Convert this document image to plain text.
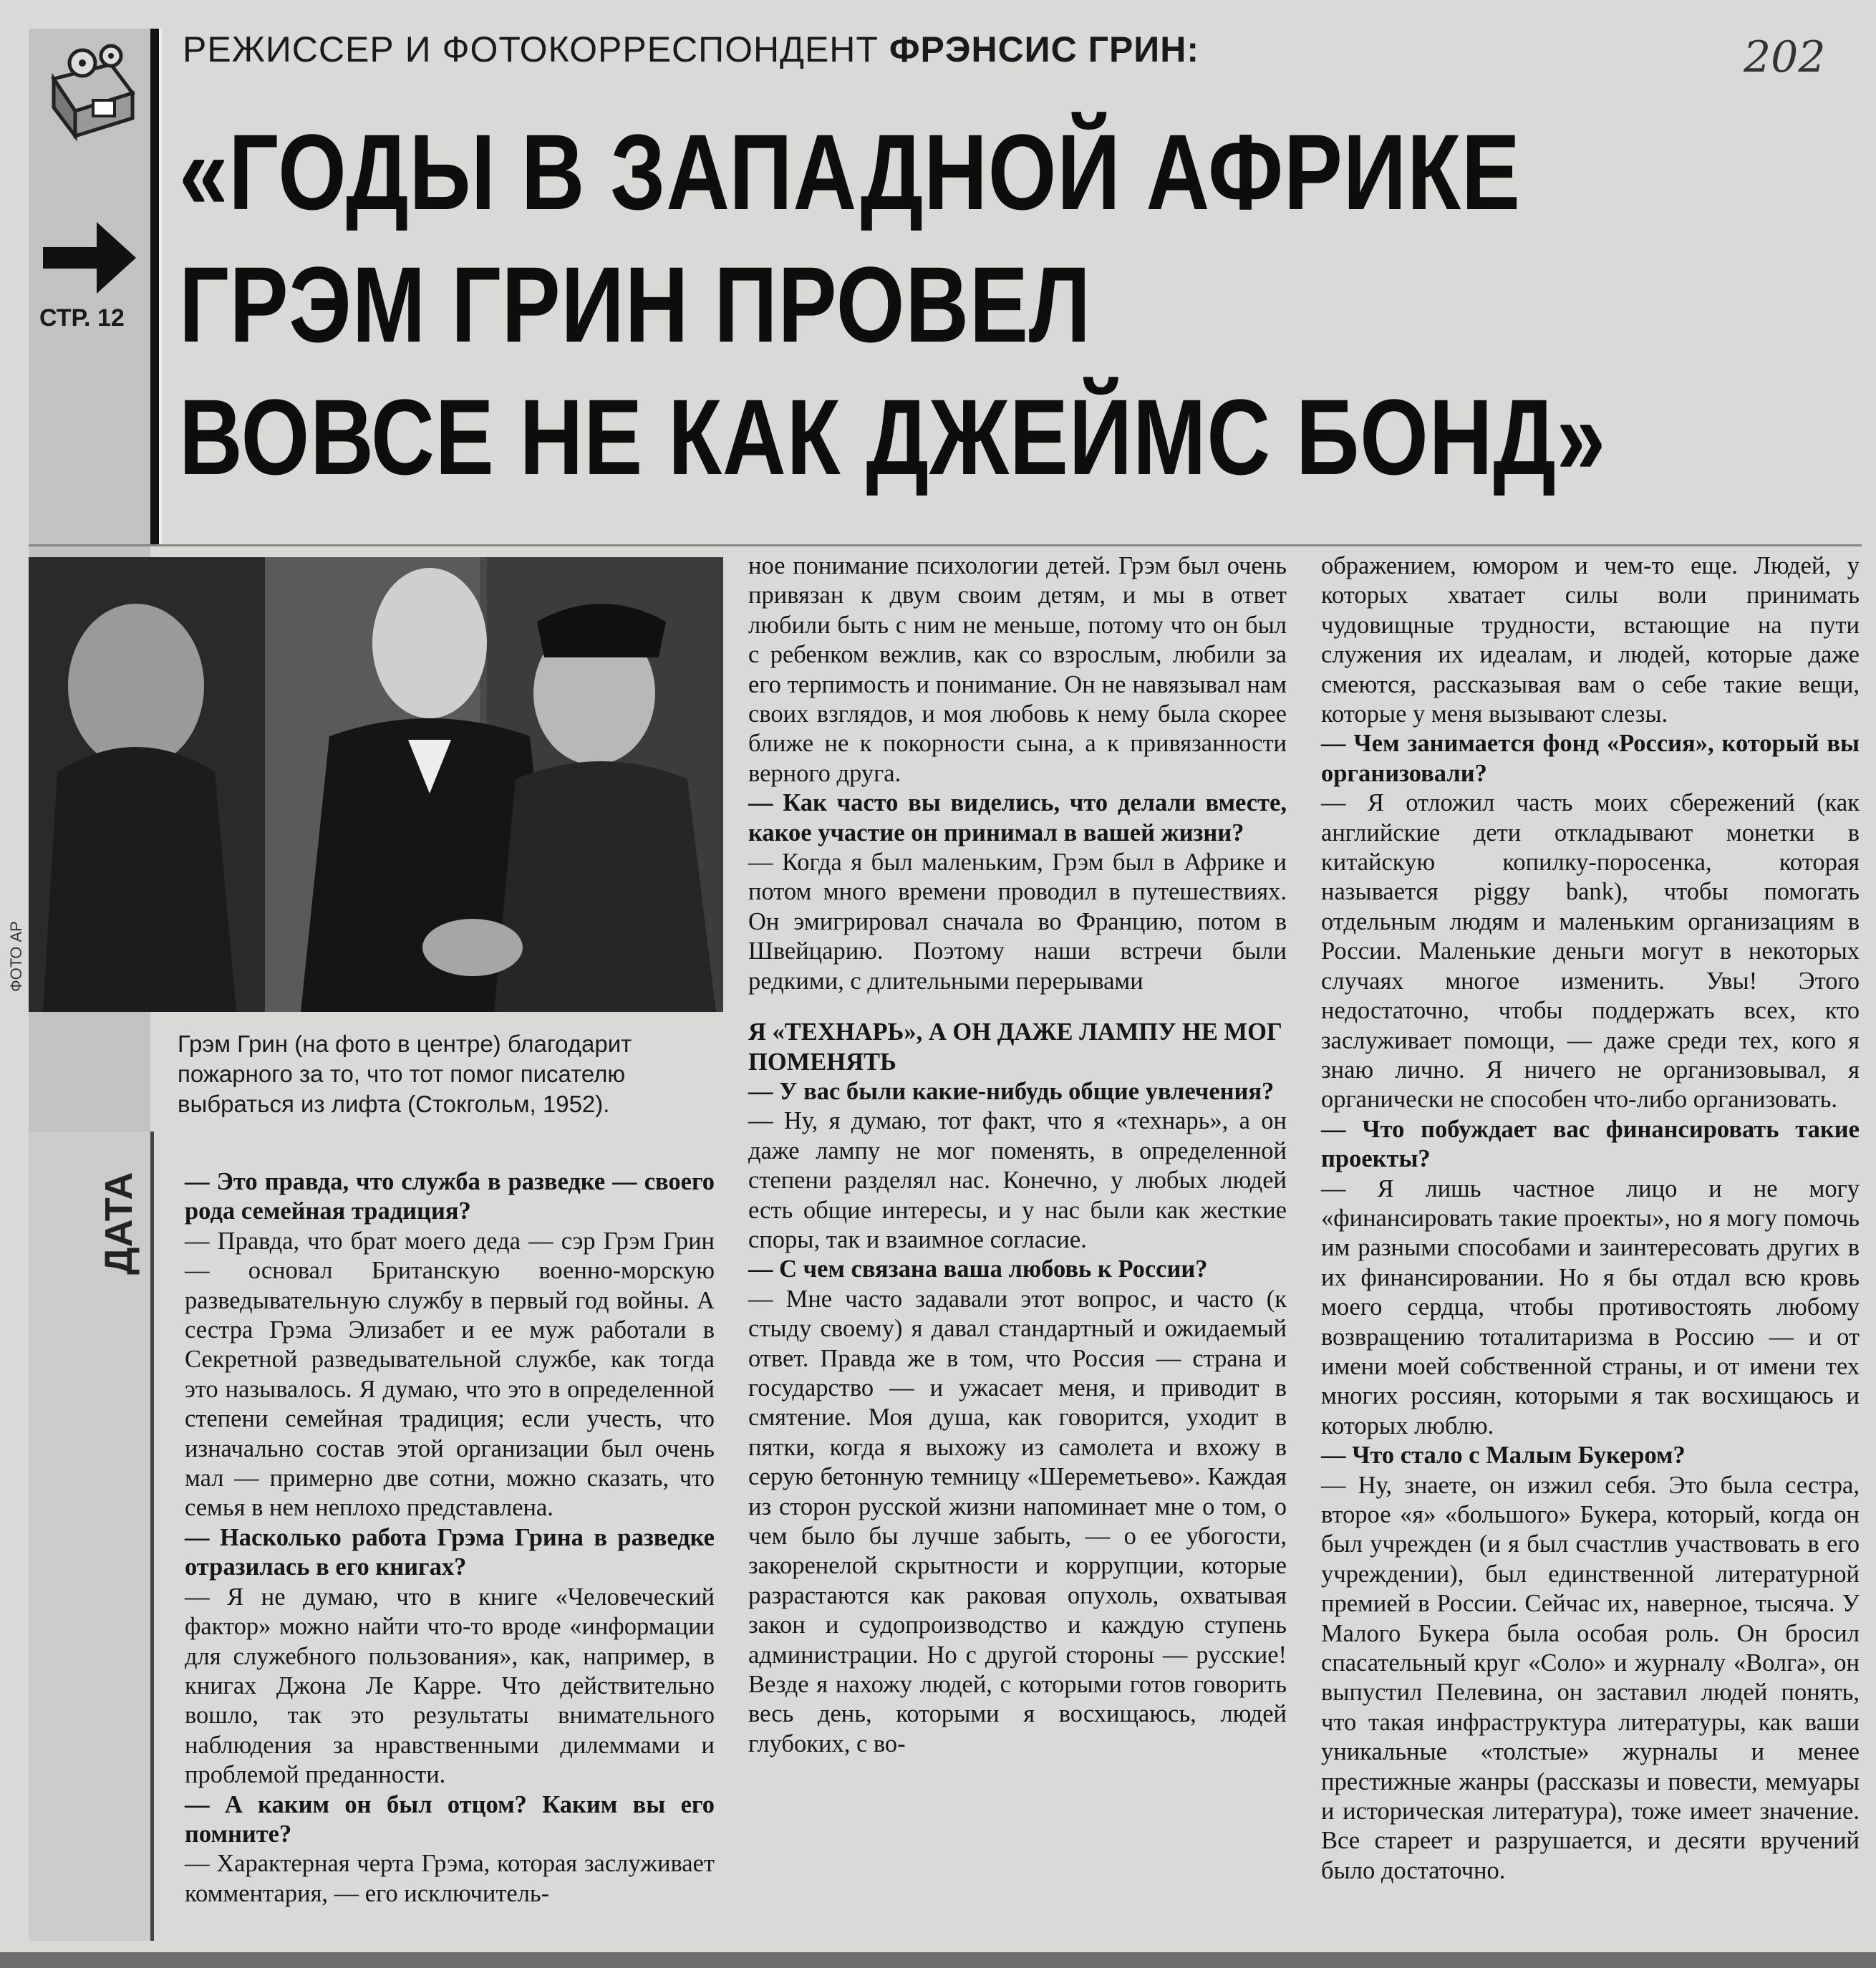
СТР. 12
РЕЖИССЕР И ФОТОКОРРЕСПОНДЕНТ ФРЭНСИС ГРИН:	202
«ГОДЫ В ЗАПАДНОЙ АФРИКЕ
ГРЭМ ГРИН ПРОВЕЛ
ВОВСЕ НЕ КАК ДЖЕЙМС БОНД»
ФОТО AP
Грэм Грин (на фото в центре) благодарит пожарного за то, что тот помог писателю выбраться из лифта (Стокгольм, 1952).
ДАТА — Это правда, что служба в разведке — своего рода семейная традиция?

— Правда, что брат моего деда — сэр Грэм Грин — основал Британскую военно-морскую разведывательную службу в первый год войны. А сестра Грэма Элизабет и ее муж работали в Секретной разведывательной службе, как тогда это называлось. Я думаю, что это в определенной степени семейная традиция; если учесть, что изначально состав этой организации был очень мал — примерно две сотни, можно сказать, что семья в нем неплохо представлена.

— Насколько работа Грэма Грина в разведке отразилась в его книгах?

— Я не думаю, что в книге «Человеческий фактор» можно найти что-то вроде «информации для служебного пользования», как, например, в книгах Джона Ле Карре. Что действительно вошло, так это результаты внимательного наблюдения за нравственными дилеммами и проблемой преданности.

— А каким он был отцом? Каким вы его помните?

— Характерная черта Грэма, которая заслуживает комментария, — его исключитель-

ное понимание психологии детей. Грэм был очень привязан к двум своим детям, и мы в ответ любили быть с ним не меньше, потому что он был с ребенком вежлив, как со взрослым, любили за его терпимость и понимание. Он не навязывал нам своих взглядов, и моя любовь к нему была скорее ближе не к покорности сына, а к привязанности верного друга.

— Как часто вы виделись, что делали вместе, какое участие он принимал в вашей жизни?

— Когда я был маленьким, Грэм был в Африке и потом много времени проводил в путешествиях. Он эмигрировал сначала во Францию, потом в Швейцарию. Поэтому наши встречи были редкими, с длительными перерывами

Я «ТЕХНАРЬ», А ОН ДАЖЕ ЛАМПУ НЕ МОГ ПОМЕНЯТЬ

— У вас были какие-нибудь общие увлечения?

— Ну, я думаю, тот факт, что я «технарь», а он даже лампу не мог поменять, в определенной степени разделял нас. Конечно, у любых людей есть общие интересы, и у нас были как жесткие споры, так и взаимное согласие.

— С чем связана ваша любовь к России?

— Мне часто задавали этот вопрос, и часто (к стыду своему) я давал стандартный и ожидаемый ответ. Правда же в том, что Россия — страна и государство — и ужасает меня, и приводит в смятение. Моя душа, как говорится, уходит в пятки, когда я выхожу из самолета и вхожу в серую бетонную темницу «Шереметьево». Каждая из сторон русской жизни напоминает мне о том, о чем было бы лучше забыть, — о ее убогости, закоренелой скрытности и коррупции, которые разрастаются как раковая опухоль, охватывая закон и судопроизводство и каждую ступень администрации. Но с другой стороны — русские! Везде я нахожу людей, с которыми готов говорить весь день, которыми я восхищаюсь, людей глубоких, с во-

ображением, юмором и чем-то еще. Людей, у которых хватает силы воли принимать чудовищные трудности, встающие на пути служения их идеалам, и людей, которые даже смеются, рассказывая вам о себе такие вещи, которые у меня вызывают слезы.

— Чем занимается фонд «Россия», который вы организовали?

— Я отложил часть моих сбережений (как английские дети откладывают монетки в китайскую копилку-поросенка, которая называется piggy bank), чтобы помогать отдельным людям и маленьким организациям в России. Маленькие деньги могут в некоторых случаях многое изменить. Увы! Этого недостаточно, чтобы поддержать всех, кто заслуживает помощи, — даже среди тех, кого я знаю лично. Я ничего не организовывал, я органически не способен что-либо организовать.

— Что побуждает вас финансировать такие проекты?

— Я лишь частное лицо и не могу «финансировать такие проекты», но я могу помочь им разными способами и заинтересовать других в их финансировании. Но я бы отдал всю кровь моего сердца, чтобы противостоять любому возвращению тоталитаризма в Россию — и от имени моей собственной страны, и от имени тех многих россиян, которыми я так восхищаюсь и которых люблю.

— Что стало с Малым Букером?

— Ну, знаете, он изжил себя. Это была сестра, второе «я» «большого» Букера, который, когда он был учрежден (и я был счастлив участвовать в его учреждении), был единственной литературной премией в России. Сейчас их, наверное, тысяча. У Малого Букера была особая роль. Он бросил спасательный круг «Соло» и журналу «Волга», он выпустил Пелевина, он заставил людей понять, что такая инфраструктура литературы, как ваши уникальные «толстые» журналы и менее престижные жанры (рассказы и повести, мемуары и историческая литература), тоже имеет значение. Все стареет и разрушается, и десяти вручений было достаточно.
